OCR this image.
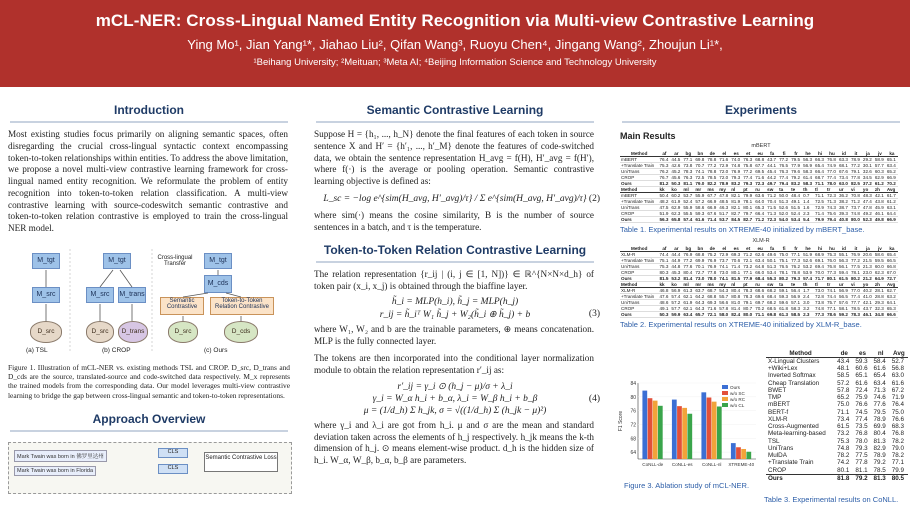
mCL-NER: Cross-Lingual Named Entity Recognition via Multi-view Contrastive Learning
Ying Mo¹, Jian Yang¹*, Jiahao Liu², Qifan Wang³, Ruoyu Chen⁴, Jingang Wang², Zhoujun Li¹*,
¹Beihang University; ²Meituan; ³Meta AI; ⁴Beijing Information Science and Technology University
Introduction
Most existing studies focus primarily on aligning semantic spaces, often disregarding the crucial cross-lingual syntactic context encompassing token-to-token relationships within entities. To address the above limitation, we propose a novel multi-view contrastive learning framework for cross-lingual named entity recognition. We reformulate the problem of entity recognition into token-to-token relation classification. A multi-view contrastive learning with source-codeswitch semantic contrastive and token-to-token relation contrastive is employed to train the cross-lingual NER model.
M_tgt
M_src
D_src
(a) TSL
M_tgt
M_src	M_trans
D_src	D_trans
(b) CROP
M_tgt
M_cds
Cross-lingual Transfer
Semantic Contrastive
Token-to-Token Relation Contrastive
D_src	D_cds
(c) Ours
Figure 1. Illustration of mCL-NER vs. existing methods TSL and CROP. D_src, D_trans and D_cds are the source, translated-source and code-switched data respectively. M_x represents the trained models from the corresponding data. Our model leverages multi-view contrastive learning to bridge the gap between cross-lingual semantic and token-to-token representations.
Approach Overview
Mark Twain was born in 佛罗里达州
Mark Twain was born in Florida
CLS
CLS
Semantic Contrastive Loss
Semantic Contrastive Learning
Suppose H = {h₁, ..., h_N} denote the final features of each token in source sentence X and H′ = {h′₁, ..., h′_M} denote the features of code-switched data, we obtain the sentence representation H_avg = f(H), H′_avg = f(H′), where f(·) is the average or pooling operation. Semantic contrastive learning objective is defined as:
L_sc = −log e^{sim(H_avg, H′_avg)/τ} / Σ e^{sim(H_avg, H′_avg)/τ} (2)
where sim(·) means the cosine similarity, B is the number of source sentences in a batch, and τ is the temperature.
Token-to-Token Relation Contrastive Learning
The relation representation {r_ij | (i, j ∈ [1, N])} ∈ ℝ^{N×N×d_h} of token pair (x_i, x_j) is obtained through the biaffine layer.
h̃_i = MLP(h_i), h̃_j = MLP(h_j)
r_ij = h̃_iᵀ W₁ h̃_j + W₂(h̃_i ⊕ h̃_j) + b	(3)
where W₁, W₂ and b are the trainable parameters, ⊕ means concatenation. MLP is the fully connected layer.
The tokens are then incorporated into the conditional layer normalization module to obtain the relation representation r′_ij as:
r′_ij = γ_i ⊙ (h_j − μ)/σ + λ_i
γ_i = W_α h_i + b_α, λ_i = W_β h_i + b_β	(4)
μ = (1/d_h) Σ h_jk, σ = √((1/d_h) Σ (h_jk − μ)²)
where γ_i and λ_i are got from h_i. μ and σ are the mean and standard deviation taken across the elements of h_j respectively. h_jk means the k-th dimension of h_j. ⊙ means element-wise product. d_h is the hidden size of h_i. W_α, W_β, b_α, b_β are parameters.
Experiments
Main Results
mBERT
Method	af	ar	bg	bn	de	el	es	et	eu	fa	fi	fr	he	hi	hu	id	it	ja	jv	ka
mBERT	76.4	44.5	77.1	69.8	78.8	71.6	74.0	76.3	68.8	43.7	77.2	79.5	56.3	66.3	76.8	63.3	78.9	29.2	58.9	65.1
+Translate Train	75.3	42.6	73.8	70.7	77.2	72.9	74.8	75.8	67.7	44.1	76.5	77.9	56.9	65.4	74.9	68.1	77.2	30.1	57.7	63.4
UniTrans	76.2	45.2	78.3	74.1	78.8	72.0	76.9	77.2	69.5	45.4	76.3	79.6	58.3	66.4	77.0	67.6	79.1	32.6	60.3	65.2
CROP	76.7	45.6	76.3	72.5	78.5	72.0	79.3	77.4	71.6	44.2	77.4	79.2	61.4	68.7	77.4	73.4	77.8	34.5	62.9	66.9
Ours	81.2	50.3	81.1	79.0	82.2	78.9	83.2	79.3	72.3	49.7	79.4	83.2	58.3	71.1	78.0	63.0	82.5	37.2	61.2	70.2
Method	kk	ko	ml	mr	ms	my	nl	pt	ru	sw	ta	te	th	tl	tr	ur	vi	yo	zh	Avg
mBERT	50.4	60.2	53.7	55.9	67.7	47.8	82.1	79.9	63.6	71.2	50.0	48.4	0.7	71.1	72.3	36.2	70.8	48.3	42.1	61.7
+Translate Train	48.2	61.9	52.4	57.2	66.9	48.5	81.9	78.1	64.0	70.4	51.3	49.1	1.4	72.5	71.3	38.2	71.2	47.4	43.8	61.2
UniTrans	47.5	62.9	55.9	58.6	66.9	46.3	82.1	80.1	65.3	71.5	52.6	51.5	1.6	72.9	74.3	38.7	73.7	47.8	45.9	63.1
CROP	51.9	62.3	55.5	59.3	67.6	51.7	82.7	79.7	66.4	71.3	52.0	52.4	2.3	71.4	75.6	39.3	74.8	49.2	46.1	64.4
Ours	56.3	65.8	57.4	61.6	71.4	53.7	84.5	82.7	71.2	72.3	54.0	53.4	5.4	79.9	79.4	40.8	80.0	52.3	49.8	66.9
Table 1. Experimental results on XTREME-40 initialized by mBERT_base.
XLM-R
Method	af	ar	bg	bn	de	el	es	et	eu	fa	fi	fr	he	hi	hu	id	it	ja	jv	ka
XLM-R	74.4	44.4	76.9	68.8	75.2	72.9	69.3	71.2	62.6	49.6	75.0	77.1	51.9	68.9	75.3	55.1	76.9	20.6	58.6	65.4
+Translate Train	75.1	44.9	77.2	69.9	76.9	73.7	70.6	72.1	63.4	50.1	75.1	77.3	52.6	69.1	76.0	56.3	77.2	21.5	59.5	66.5
UniTrans	75.3	44.8	77.6	70.1	76.9	74.1	71.4	73.2	64.8	51.3	76.5	76.2	53.2	69.4	76.8	56.1	77.5	21.3	60.0	66.8
CROP	80.3	45.3	80.4	72.7	77.8	73.0	80.1	77.1	66.0	53.4	78.1	78.8	53.9	70.0	77.3	59.4	78.1	23.0	62.3	67.0
Ours	81.5	53.2	81.4	73.0	78.0	74.1	81.5	77.9	68.4	55.3	80.2	79.3	57.4	71.7	80.1	61.5	80.2	21.2	64.9	72.7
Method	kk	ko	ml	mr	ms	my	nl	pt	ru	sw	ta	te	th	tl	tr	ur	vi	yo	zh	Avg
XLM-R	46.8	56.9	61.3	63.7	68.7	54.3	80.4	78.3	68.6	68.2	59.1	56.4	1.7	73.0	74.1	56.9	77.0	40.2	28.1	62.7
+Translate Train	47.6	57.4	62.1	64.2	68.8	55.7	80.8	78.3	69.6	68.4	59.3	56.9	2.4	72.8	74.4	56.5	77.4	41.0	28.8	63.2
UniTrans	48.6	57.2	61.9	64.3	69.3	56.6	81.0	79.1	69.7	68.2	59.6	57.1	3.0	73.8	75.7	57.6	77.7	42.1	29.3	64.1
CROP	49.1	57.7	62.1	64.3	71.6	57.8	81.4	80.7	70.2	68.5	61.8	58.3	3.2	74.8	77.1	58.1	78.5	43.7	32.3	65.3
Ours	50.3	59.9	63.4	65.7	72.1	58.0	82.4	80.0	71.1	69.8	61.3	58.5	2.3	77.3	78.6	59.2	78.3	46.1	34.8	66.6
Table 2. Experimental results on XTREME-40 initialized by XLM-R_base.
64
68
72
76
80
84
F1 Score
CoNLL-de CoNLL-es CoNLL-nl XTREME-40
Ours
w/o SC
w/o RC
w/o CL
Figure 3. Ablation study of mCL-NER.
Method	de	es	nl	Avg
X-Lingual Clusters	43.4	59.3	58.4	52.7
+Wiki+Lex	48.1	60.6	61.6	56.8
Inverted Softmax	58.5	65.1	65.4	63.0
Cheap Translation	57.2	61.6	63.4	61.6
BWET	57.8	72.4	71.3	67.2
TMP	65.2	75.9	74.6	71.9
mBERT	75.0	76.6	77.6	76.4
BERT-f	71.1	74.5	79.5	75.0
XLM-R	73.4	77.4	78.9	76.6
Cross-Augmented	61.5	73.5	69.9	68.3
Meta-learning-based	73.2	76.8	80.4	76.8
TSL	75.3	78.0	81.3	78.2
UniTrans	74.8	79.3	82.9	79.0
MulDA	78.2	77.5	78.9	78.2
+Translate Train	74.2	77.8	79.2	77.1
CROP	80.1	81.1	78.5	79.9
Ours	81.8	79.2	81.3	80.5
Table 3. Experimental results on CoNLL.
